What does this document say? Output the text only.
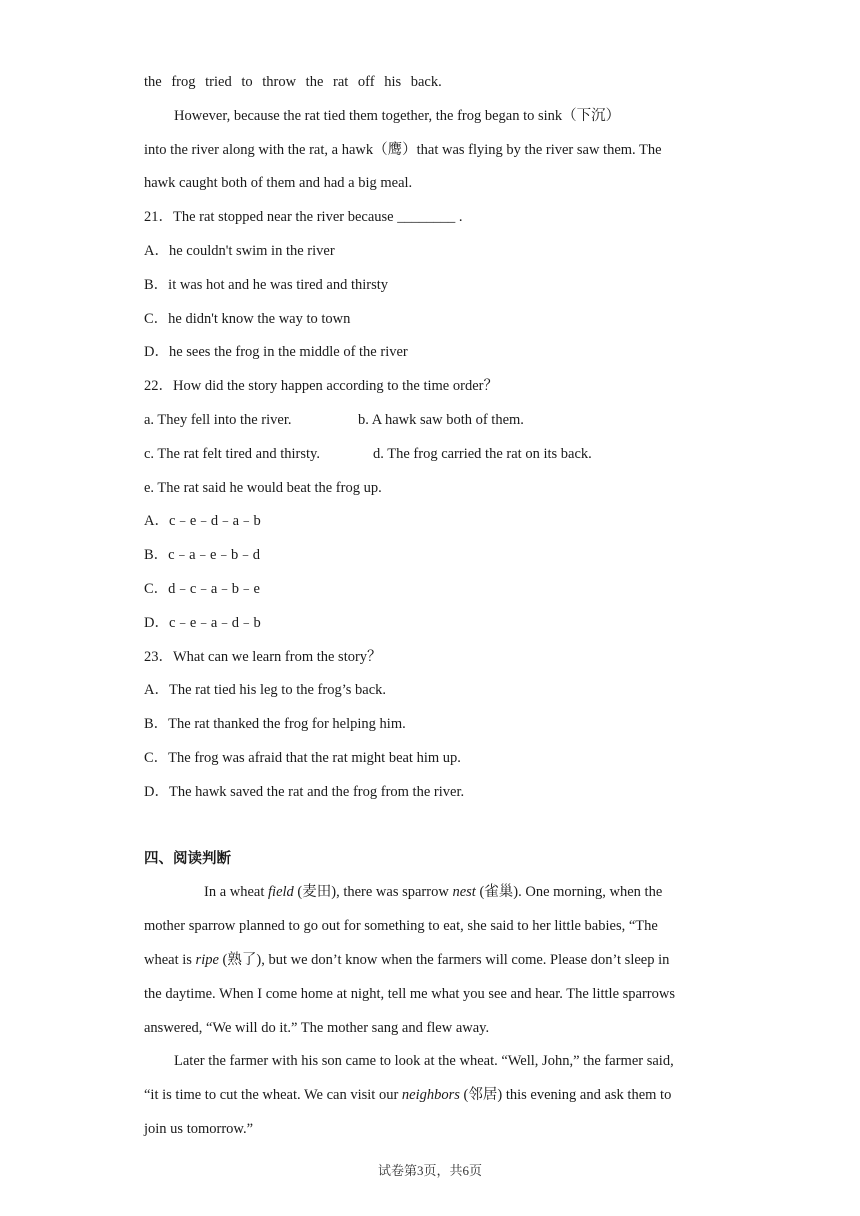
the frog tried to throw the rat off his back.
However, because the rat tied them together, the frog began to sink（下沉）
into the river along with the rat, a hawk（鹰）that was flying by the river saw them. The
hawk caught both of them and had a big meal.
21．The rat stopped near the river because ________ .
A．he couldn't swim in the river
B．it was hot and he was tired and thirsty
C．he didn't know the way to town
D．he sees the frog in the middle of the river
22．How did the story happen according to the time order？
a. They fell into the river.	b. A hawk saw both of them.
c. The rat felt tired and thirsty.	d. The frog carried the rat on its back.
e. The rat said he would beat the frog up.
A．c﹣e﹣d﹣a﹣b
B．c﹣a﹣e﹣b﹣d
C．d﹣c﹣a﹣b﹣e
D．c﹣e﹣a﹣d﹣b
23．What can we learn from the story？
A．The rat tied his leg to the frog’s back.
B．The rat thanked the frog for helping him.
C．The frog was afraid that the rat might beat him up.
D．The hawk saved the rat and the frog from the river.
四、阅读判断
In a wheat field (麦田), there was sparrow nest (雀巢). One morning, when the
mother sparrow planned to go out for something to eat, she said to her little babies, “The
wheat is ripe (熟了), but we don’t know when the farmers will come. Please don’t sleep in
the daytime. When I come home at night, tell me what you see and hear. The little sparrows
answered, “We will do it.” The mother sang and flew away.
Later the farmer with his son came to look at the wheat. “Well, John,” the farmer said,
“it is time to cut the wheat. We can visit our neighbors (邻居) this evening and ask them to
join us tomorrow.”
试卷第3页，共6页
